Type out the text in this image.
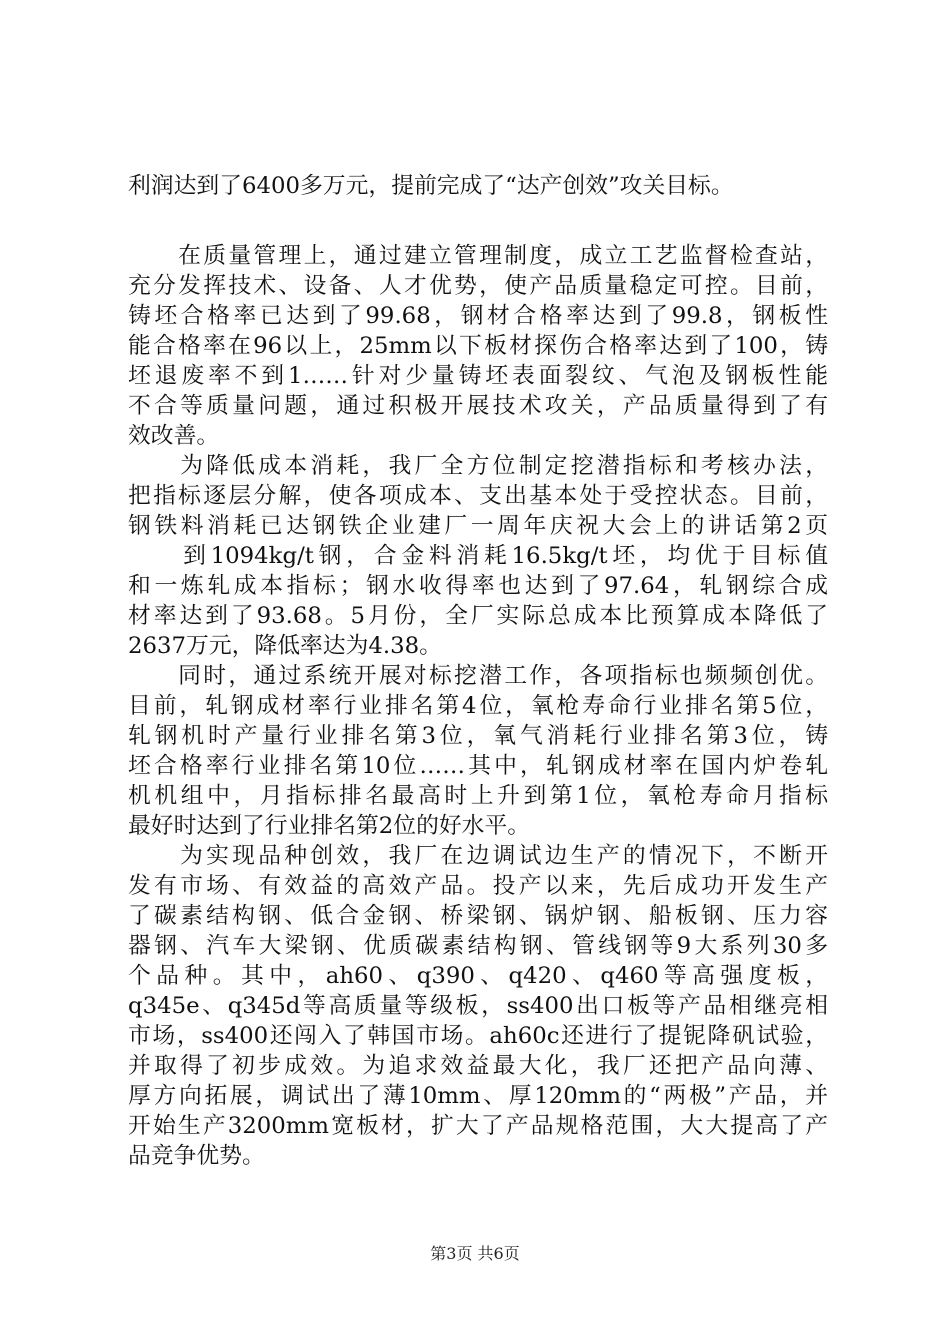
利润达到了6400多万元，提前完成了“达产创效”攻关目标。
　　在质量管理上，通过建立管理制度，成立工艺监督检查站，
充分发挥技术、设备、人才优势，使产品质量稳定可控。目前，
铸坯合格率已达到了99.68，钢材合格率达到了99.8，钢板性
能合格率在96以上，25mm以下板材探伤合格率达到了100，铸
坯退废率不到1……针对少量铸坯表面裂纹、气泡及钢板性能
不合等质量问题，通过积极开展技术攻关，产品质量得到了有
效改善。
　　为降低成本消耗，我厂全方位制定挖潜指标和考核办法，
把指标逐层分解，使各项成本、支出基本处于受控状态。目前，
钢铁料消耗已达钢铁企业建厂一周年庆祝大会上的讲话第2页
　　到1094kg/t钢，合金料消耗16.5kg/t坯，均优于目标值
和一炼轧成本指标；钢水收得率也达到了97.64，轧钢综合成
材率达到了93.68。5月份，全厂实际总成本比预算成本降低了
2637万元，降低率达为4.38。
　　同时，通过系统开展对标挖潜工作，各项指标也频频创优。
目前，轧钢成材率行业排名第4位，氧枪寿命行业排名第5位，
轧钢机时产量行业排名第3位，氧气消耗行业排名第3位，铸
坯合格率行业排名第10位……其中，轧钢成材率在国内炉卷轧
机机组中，月指标排名最高时上升到第1位，氧枪寿命月指标
最好时达到了行业排名第2位的好水平。
　　为实现品种创效，我厂在边调试边生产的情况下，不断开
发有市场、有效益的高效产品。投产以来，先后成功开发生产
了碳素结构钢、低合金钢、桥梁钢、锅炉钢、船板钢、压力容
器钢、汽车大梁钢、优质碳素结构钢、管线钢等9大系列30多
个品种。其中，ah60、q390、q420、q460等高强度板，
q345e、q345d等高质量等级板，ss400出口板等产品相继亮相
市场，ss400还闯入了韩国市场。ah60c还进行了提铌降矾试验，
并取得了初步成效。为追求效益最大化，我厂还把产品向薄、
厚方向拓展，调试出了薄10mm、厚120mm的“两极”产品，并
开始生产3200mm宽板材，扩大了产品规格范围，大大提高了产
品竞争优势。
第3页 共6页
